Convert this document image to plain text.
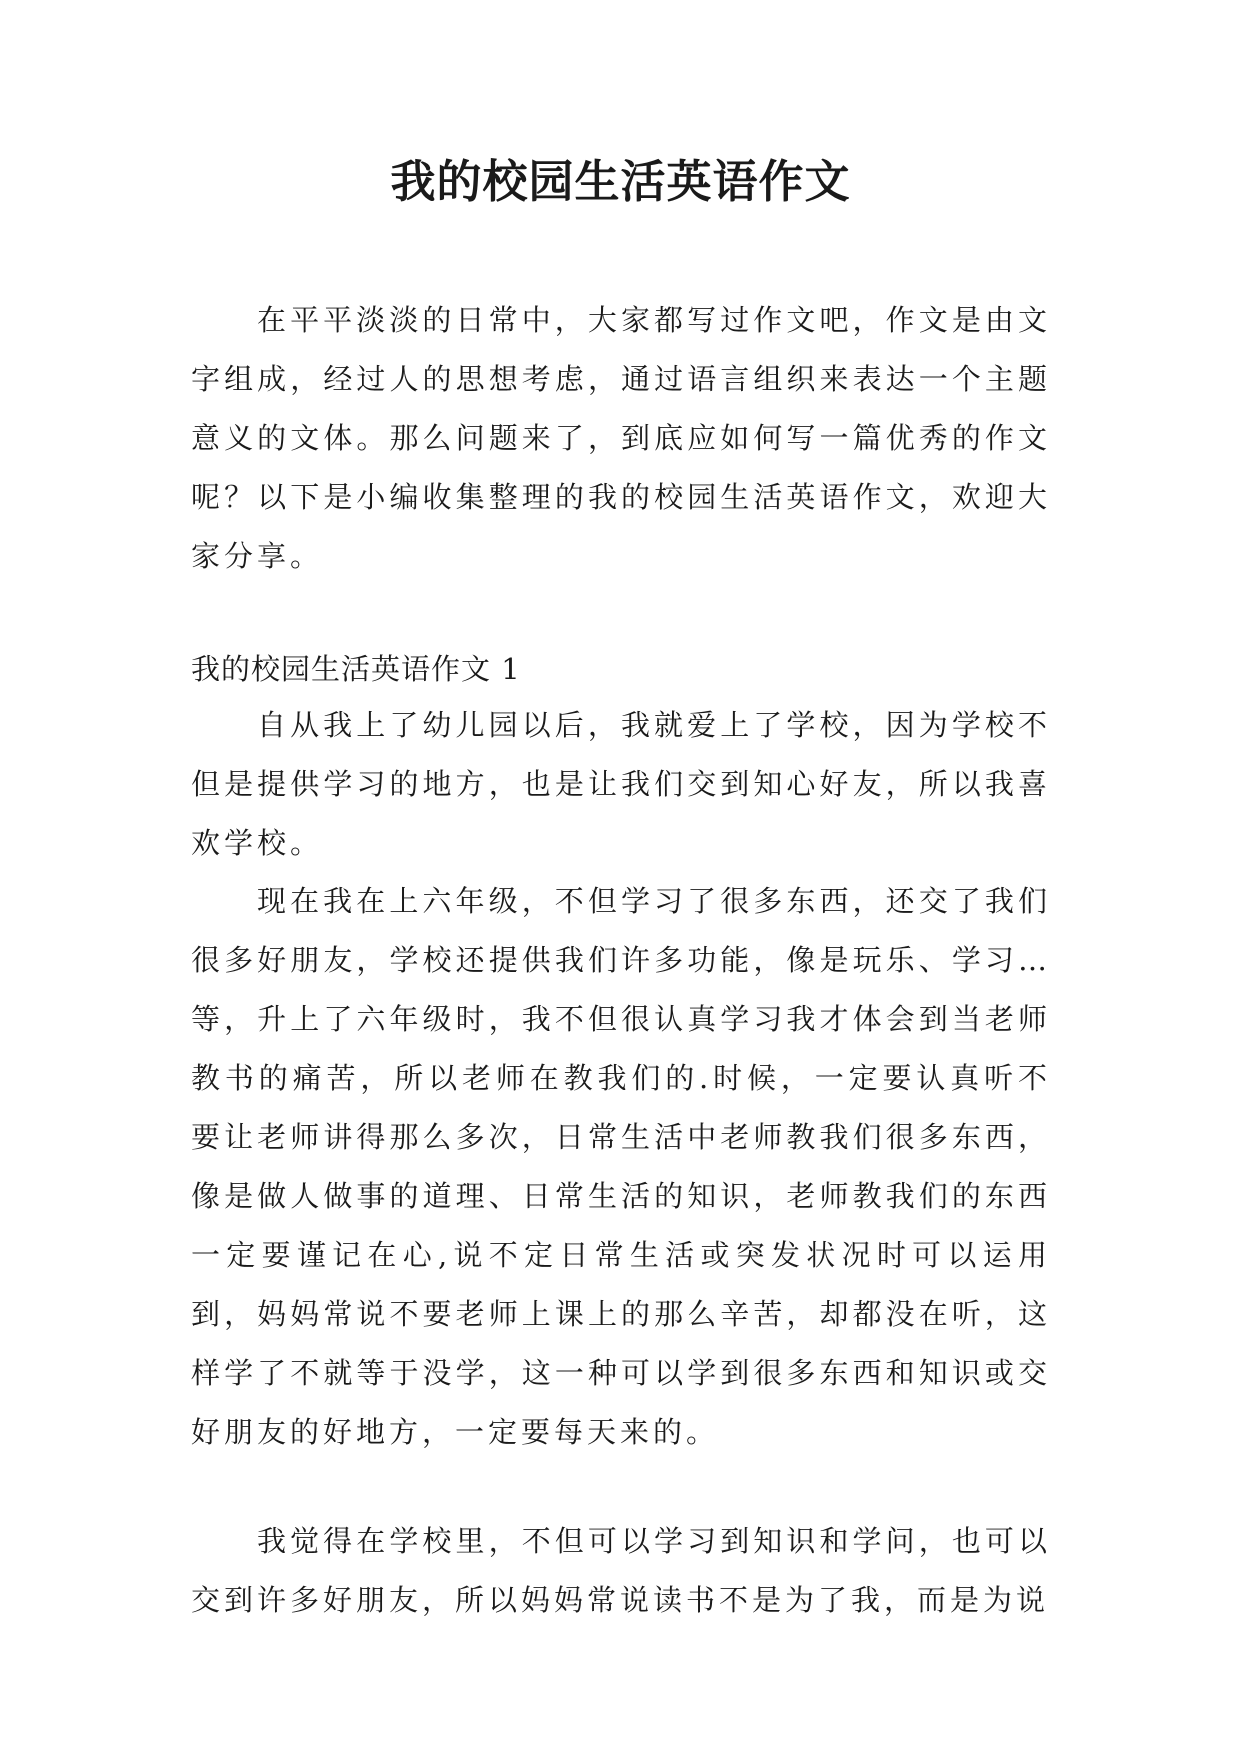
我的校园生活英语作文

在平平淡淡的日常中，大家都写过作文吧，作文是由文字组成，经过人的思想考虑，通过语言组织来表达一个主题意义的文体。那么问题来了，到底应如何写一篇优秀的作文呢？以下是小编收集整理的我的校园生活英语作文，欢迎大家分享。

我的校园生活英语作文 1

自从我上了幼儿园以后，我就爱上了学校，因为学校不但是提供学习的地方，也是让我们交到知心好友，所以我喜欢学校。

现在我在上六年级，不但学习了很多东西，还交了我们很多好朋友，学校还提供我们许多功能，像是玩乐、学习…等，升上了六年级时，我不但很认真学习我才体会到当老师教书的痛苦，所以老师在教我们的.时候，一定要认真听不要让老师讲得那么多次，日常生活中老师教我们很多东西，像是做人做事的道理、日常生活的知识，老师教我们的东西一定要谨记在心,说不定日常生活或突发状况时可以运用到，妈妈常说不要老师上课上的那么辛苦，却都没在听，这样学了不就等于没学，这一种可以学到很多东西和知识或交好朋友的好地方，一定要每天来的。

我觉得在学校里，不但可以学习到知识和学问，也可以交到许多好朋友，所以妈妈常说读书不是为了我，而是为说
